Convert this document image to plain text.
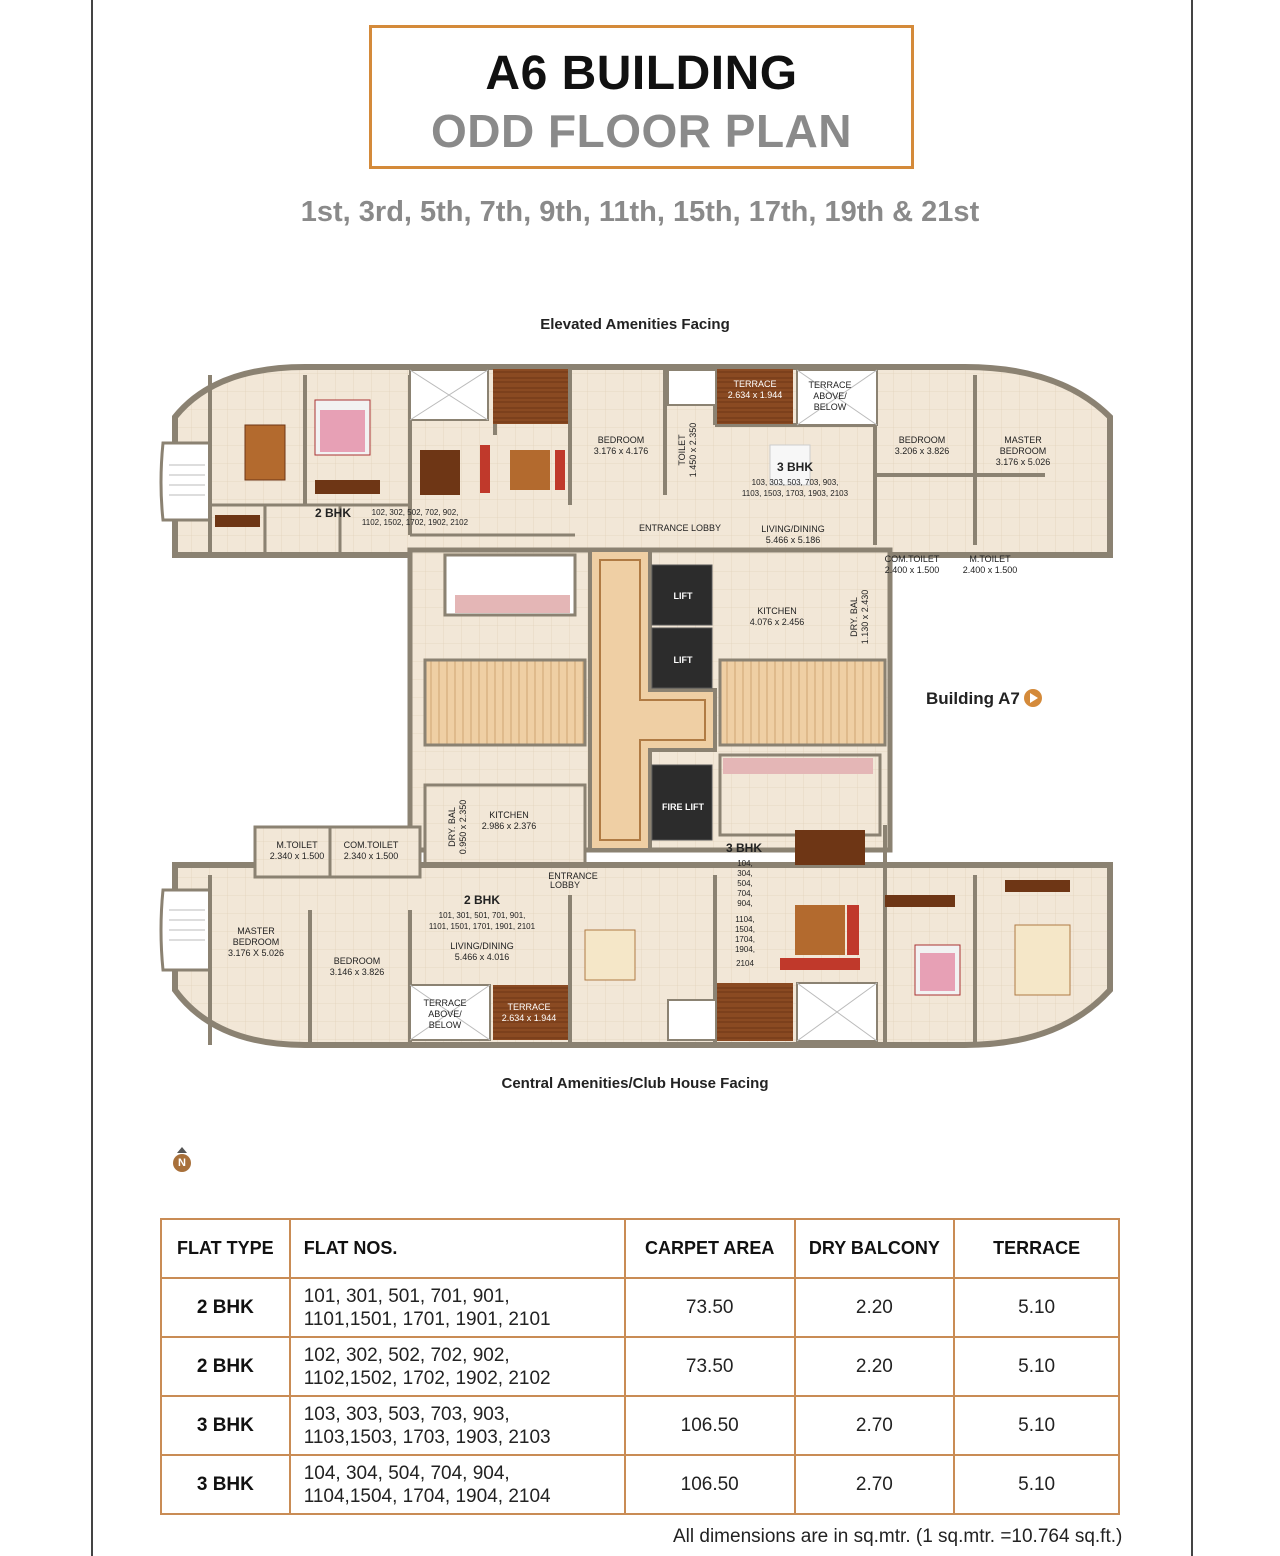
A6 BUILDING
ODD FLOOR PLAN
1st, 3rd, 5th, 7th, 9th, 11th, 15th, 17th, 19th & 21st
Elevated Amenities Facing
Central Amenities/Club House Facing
TERRACE
2.634 x 1.944
TERRACE
ABOVE/
BELOW
BEDROOM
3.176 x 4.176	TOILET 1.450 x 2.350	3 BHK
103, 303, 503, 703, 903,
1103, 1503, 1703, 1903, 2103
BEDROOM
3.206 x 3.826
MASTER
BEDROOM
3.176 x 5.026
2 BHK	102, 302, 502, 702, 902,
1102, 1502, 1702, 1902, 2102
ENTRANCE LOBBY	LIVING/DINING
5.466 x 5.186
COM.TOILET
2.400 x 1.500
M.TOILET
2.400 x 1.500
LIFT
LIFT
KITCHEN
4.076 x 2.456	DRY. BAL 1.130 x 2.430
FIRE LIFT
DRY. BAL 0.950 x 2.350 KITCHEN
2.986 x 2.376
M.TOILET
2.340 x 1.500
COM.TOILET
2.340 x 1.500
3 BHK
104,
304,
504,
704,
904,
1104,
1504,
1704,
1904,
2104
ENTRANCE
LOBBY
2 BHK
101, 301, 501, 701, 901,
1101, 1501, 1701, 1901, 2101
LIVING/DINING
5.466 x 4.016
MASTER
BEDROOM
3.176 X 5.026
BEDROOM
3.146 x 3.826
TERRACE
ABOVE/
BELOW
TERRACE
2.634 x 1.944
Building A7
N
FLAT TYPE	FLAT NOS.	CARPET AREA	DRY BALCONY	TERRACE
2 BHK	101, 301, 501, 701, 901,
1101,1501, 1701, 1901, 2101	73.50	2.20	5.10
2 BHK	102, 302, 502, 702, 902,
1102,1502, 1702, 1902, 2102	73.50	2.20	5.10
3 BHK	103, 303, 503, 703, 903,
1103,1503, 1703, 1903, 2103	106.50	2.70	5.10
3 BHK	104, 304, 504, 704, 904,
1104,1504, 1704, 1904, 2104	106.50	2.70	5.10
All dimensions are in sq.mtr. (1 sq.mtr. =10.764 sq.ft.)
